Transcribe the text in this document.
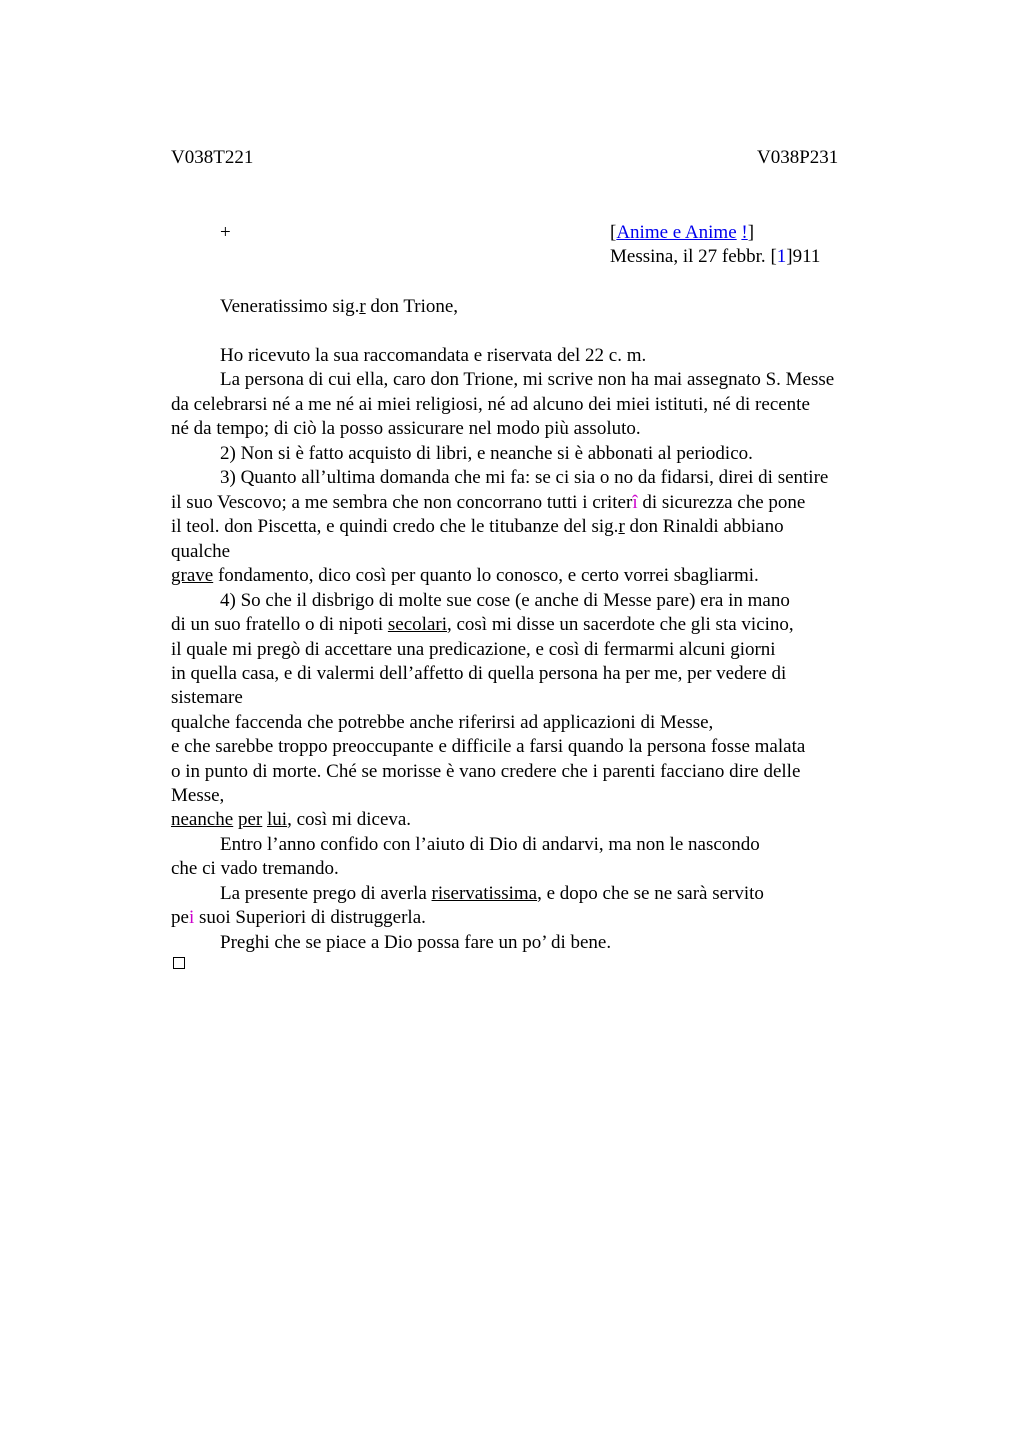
V038T221	V038P231
+	[Anime e Anime !]
Messina, il 27 febbr. [1]911
Veneratissimo sig.r don Trione,
Ho ricevuto la sua raccomandata e riservata del 22 c. m.
La persona di cui ella, caro don Trione, mi scrive non ha mai assegnato S. Messe
da celebrarsi né a me né ai miei religiosi, né ad alcuno dei miei istituti, né di recente
né da tempo; di ciò la posso assicurare nel modo più assoluto.
2) Non si è fatto acquisto di libri, e neanche si è abbonati al periodico.
3) Quanto all’ultima domanda che mi fa: se ci sia o no da fidarsi, direi di sentire
il suo Vescovo; a me sembra che non concorrano tutti i criterî di sicurezza che pone
il teol. don Piscetta, e quindi credo che le titubanze del sig.r don Rinaldi abbiano
qualche
grave fondamento, dico così per quanto lo conosco, e certo vorrei sbagliarmi.
4) So che il disbrigo di molte sue cose (e anche di Messe pare) era in mano
di un suo fratello o di nipoti secolari, così mi disse un sacerdote che gli sta vicino,
il quale mi pregò di accettare una predicazione, e così di fermarmi alcuni giorni
in quella casa, e di valermi dell’affetto di quella persona ha per me, per vedere di
sistemare
qualche faccenda che potrebbe anche riferirsi ad applicazioni di Messe,
e che sarebbe troppo preoccupante e difficile a farsi quando la persona fosse malata
o in punto di morte. Ché se morisse è vano credere che i parenti facciano dire delle
Messe,
neanche per lui, così mi diceva.
Entro l’anno confido con l’aiuto di Dio di andarvi, ma non le nascondo
che ci vado tremando.
La presente prego di averla riservatissima, e dopo che se ne sarà servito
pei suoi Superiori di distruggerla.
Preghi che se piace a Dio possa fare un po’ di bene.
